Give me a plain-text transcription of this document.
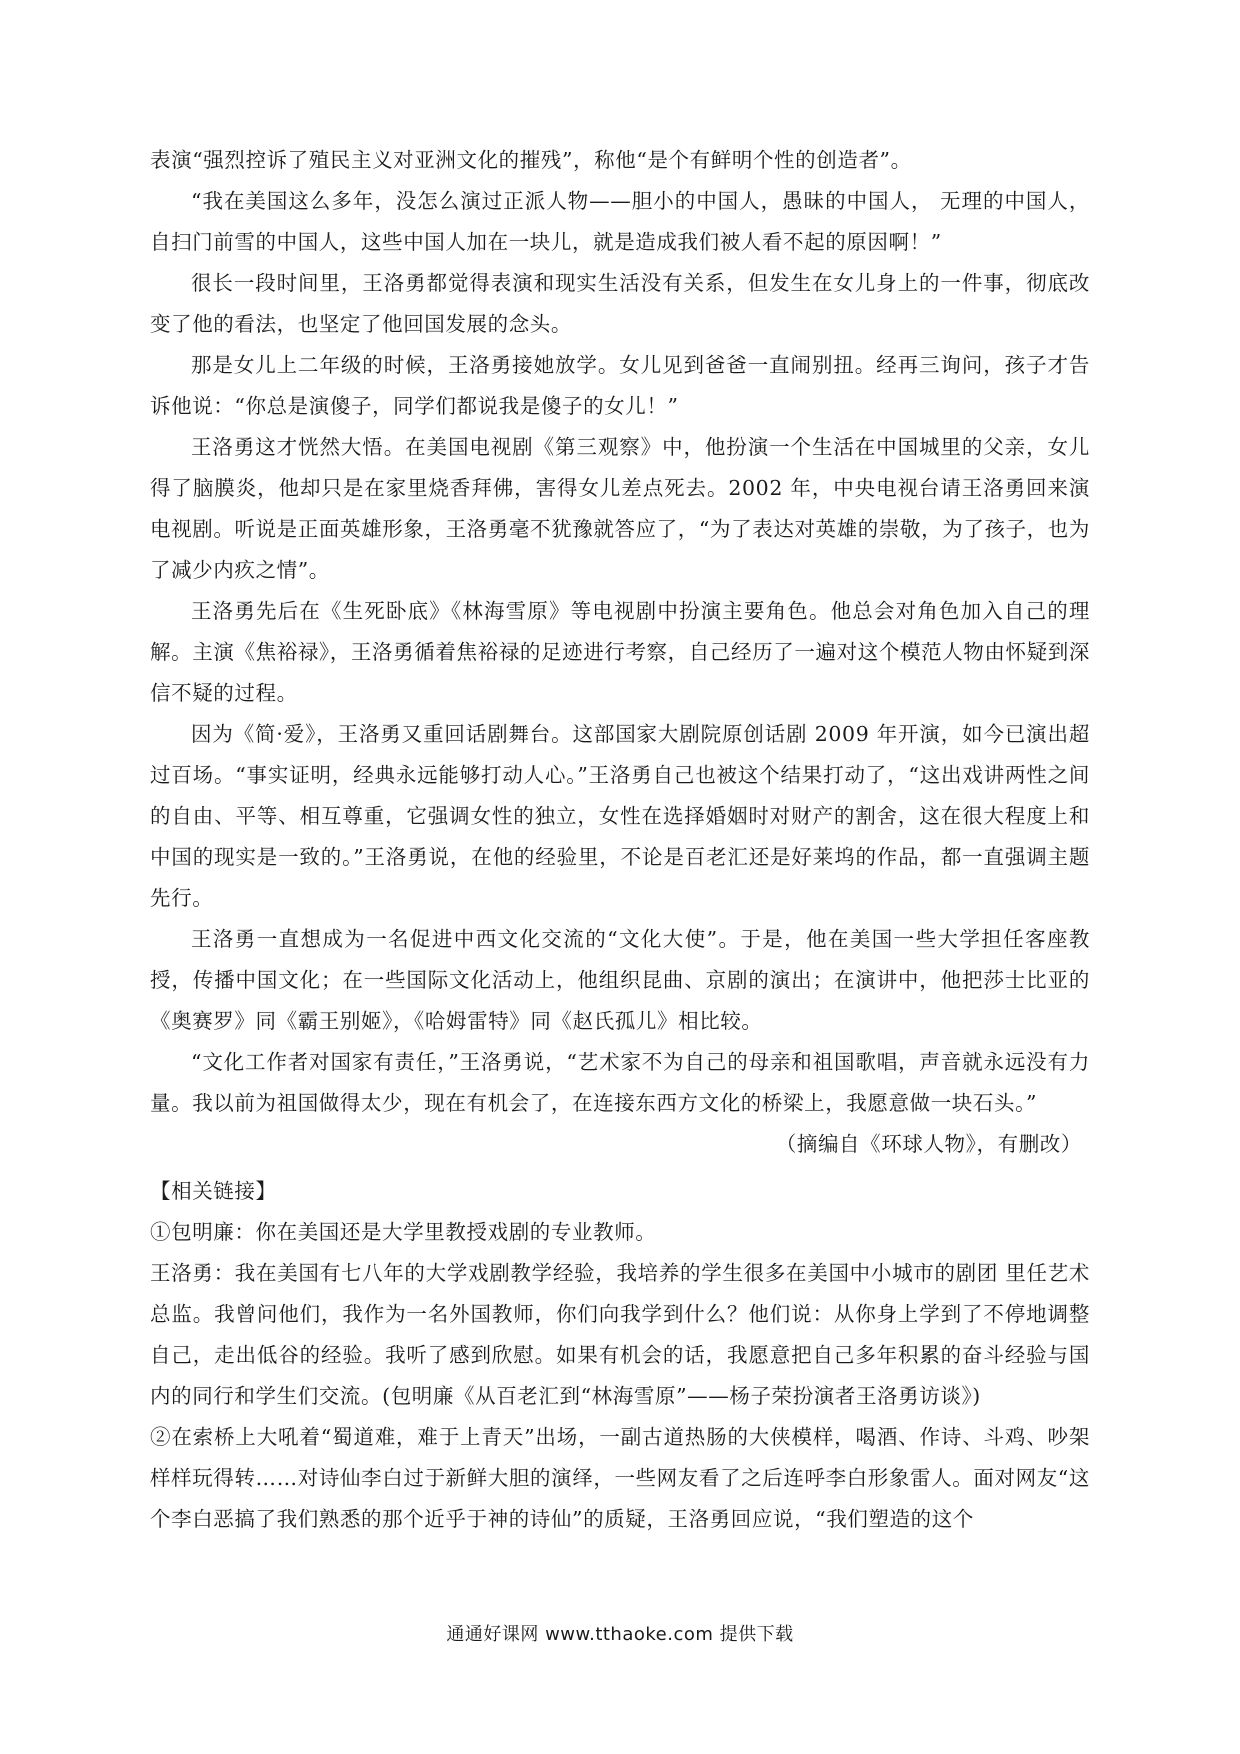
表演“强烈控诉了殖民主义对亚洲文化的摧残”，称他“是个有鲜明个性的创造者”。

“我在美国这么多年，没怎么演过正派人物——胆小的中国人，愚昧的中国人， 无理的中国人，自扫门前雪的中国人，这些中国人加在一块儿，就是造成我们被人看不起的原因啊！”

很长一段时间里，王洛勇都觉得表演和现实生活没有关系，但发生在女儿身上的一件事，彻底改变了他的看法，也坚定了他回国发展的念头。

那是女儿上二年级的时候，王洛勇接她放学。女儿见到爸爸一直闹别扭。经再三询问，孩子才告诉他说：“你总是演傻子，同学们都说我是傻子的女儿！”

王洛勇这才恍然大悟。在美国电视剧《第三观察》中，他扮演一个生活在中国城里的父亲，女儿得了脑膜炎，他却只是在家里烧香拜佛，害得女儿差点死去。2002 年，中央电视台请王洛勇回来演电视剧。听说是正面英雄形象，王洛勇毫不犹豫就答应了，“为了表达对英雄的崇敬，为了孩子，也为了减少内疚之情”。

王洛勇先后在《生死卧底》《林海雪原》等电视剧中扮演主要角色。他总会对角色加入自己的理解。主演《焦裕禄》，王洛勇循着焦裕禄的足迹进行考察，自己经历了一遍对这个模范人物由怀疑到深信不疑的过程。

因为《简·爱》，王洛勇又重回话剧舞台。这部国家大剧院原创话剧 2009 年开演，如今已演出超过百场。“事实证明，经典永远能够打动人心。”王洛勇自己也被这个结果打动了，“这出戏讲两性之间的自由、平等、相互尊重，它强调女性的独立，女性在选择婚姻时对财产的割舍，这在很大程度上和中国的现实是一致的。”王洛勇说，在他的经验里，不论是百老汇还是好莱坞的作品，都一直强调主题先行。

王洛勇一直想成为一名促进中西文化交流的“文化大使”。于是，他在美国一些大学担任客座教授，传播中国文化；在一些国际文化活动上，他组织昆曲、京剧的演出；在演讲中，他把莎士比亚的《奥赛罗》同《霸王别姬》，《哈姆雷特》同《赵氏孤儿》相比较。

“文化工作者对国家有责任，”王洛勇说，“艺术家不为自己的母亲和祖国歌唱，声音就永远没有力量。我以前为祖国做得太少，现在有机会了，在连接东西方文化的桥梁上，我愿意做一块石头。”

（摘编自《环球人物》，有删改）

【相关链接】

①包明廉：你在美国还是大学里教授戏剧的专业教师。

王洛勇：我在美国有七八年的大学戏剧教学经验，我培养的学生很多在美国中小城市的剧团 里任艺术总监。我曾问他们，我作为一名外国教师，你们向我学到什么？他们说：从你身上学到了不停地调整自己，走出低谷的经验。我听了感到欣慰。如果有机会的话，我愿意把自己多年积累的奋斗经验与国内的同行和学生们交流。(包明廉《从百老汇到“林海雪原”——杨子荣扮演者王洛勇访谈》)

②在索桥上大吼着“蜀道难，难于上青天”出场，一副古道热肠的大侠模样，喝酒、作诗、斗鸡、吵架样样玩得转……对诗仙李白过于新鲜大胆的演绎，一些网友看了之后连呼李白形象雷人。面对网友“这个李白恶搞了我们熟悉的那个近乎于神的诗仙”的质疑，王洛勇回应说，“我们塑造的这个

通通好课网 www.tthaoke.com 提供下载
